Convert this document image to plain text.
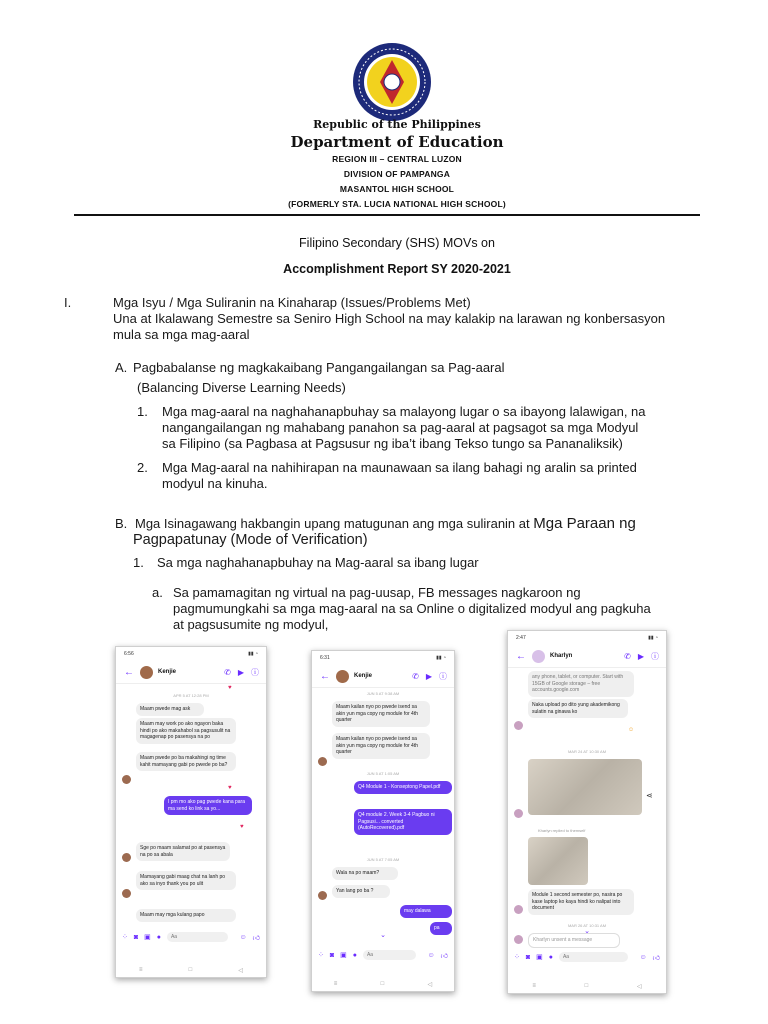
Republic of the Philippines
Department of Education
REGION III – CENTRAL LUZON
DIVISION OF PAMPANGA
MASANTOL HIGH SCHOOL
(FORMERLY STA. LUCIA NATIONAL HIGH SCHOOL)
Filipino Secondary (SHS) MOVs on
Accomplishment Report SY 2020-2021
I.	Mga Isyu / Mga Suliranin na Kinaharap (Issues/Problems Met)
Una at Ikalawang Semestre sa Seniro High School na may kalakip na larawan ng konbersasyon
mula sa mga mag-aaral
A. Pagbabalanse ng magkakaibang Pangangailangan sa Pag-aaral
(Balancing Diverse Learning Needs)
1. Mga mag-aaral na naghahanapbuhay sa malayong lugar o sa ibayong lalawigan, na
nangangailangan ng mahabang panahon sa pag-aaral at pagsagot sa mga Modyul
sa Filipino (sa Pagbasa at Pagsusur ng iba’t ibang Tekso tungo sa Pananaliksik)
2. Mga Mag-aaral na nahihirapan na maunawaan sa ilang bahagi ng aralin sa printed
modyul na kinuha.
B. Mga Isinagawang hakbangin upang matugunan ang mga suliranin at Mga Paraan ng
Pagpapatunay (Mode of Verification)
1. Sa mga naghahanapbuhay na Mag-aaral sa ibang lugar
a. Sa pamamagitan ng virtual na pag-uusap, FB messages nagkaroon ng
pagmumungkahi sa mga mag-aaral na sa Online o digitalized modyul ang pagkuha
at pagsusumite ng modyul,
6:56	▮▮ ◔
←	Kenjie	✆ ▶ ⓘ
♥
APR 5 AT 12:28 PM
Maam pwede mag ask
Maam may work po ako ngayon baka hindi po ako makahabol sa pagsusulit na magagenap po pasensya na po
Maam pwede po ba makahingi ng time kahit mamayang gabi po pwede po ba?
♥
I pm mo ako pag pwede kana para ma send ko link sa yo...
♥
Sge po maam salamat po at pasensya na po sa abala
Mamayang gabi maag chat na lanh po ako sa inyo thank you po ulit
Maam may mga kulang papo
⁘ ◙ ▣ ●	Aa	☺ 👍︎
≡	□	◁
6:31	▮▮ ◔
←	Kenjie	✆ ▶ ⓘ
JUN 5 AT 9:38 AM
Maam kailan nyo po pwede isend sa akin yun mga copy ng module for 4th quarter
Maam kailan nyo po pwede isend sa akin yun mga copy ng module for 4th quarter
JUN 5 AT 1:05 AM
Q4 Module 1 - Konseptong Papel.pdf
Q4 module 2. Week 3-4 Pagbuo ni Pagsusi... converted (AutoRecovered).pdf
JUN 5 AT 7:05 AM
Wala na po maam?
Yan lang po ba ?
may dalawa
pa
⌄
⁘ ◙ ▣ ●	Aa	☺ 👍︎
≡	□	◁
2:47	▮▮ ◔
←	Kharlyn	✆ ▶ ⓘ
any phone, tablet, or computer. Start with 15GB of Google storage – free accounts.google.com
Naka upload po dito yung akademikong sulatin na ginawa ko
☺
MAR 24 AT 10:30 AM
⋖
Kharlyn replied to themself
Module 1 second semester po, nasira po kase laptop ko kaya hindi ko nalipat into document
MAR 26 AT 10:31 AM
Kharlyn unsent a message
⌄
⁘ ◙ ▣ ●	Aa	☺ 👍︎
≡	□	◁
